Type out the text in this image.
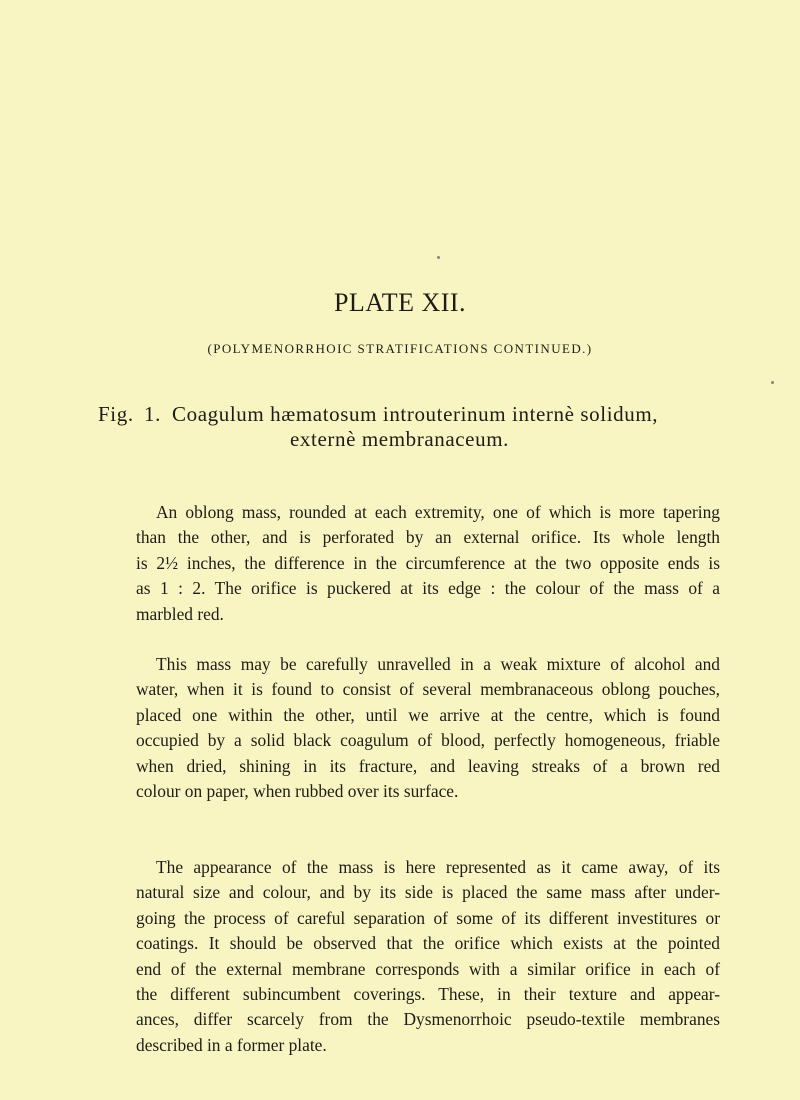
PLATE XII.

(POLYMENORRHOIC STRATIFICATIONS CONTINUED.)

Fig. 1. Coagulum hæmatosum introuterinum internè solidum,
externè membranaceum.
An oblong mass, rounded at each extremity, one of which is more tapering
than the other, and is perforated by an external orifice. Its whole length
is 2½ inches, the difference in the circumference at the two opposite ends is
as 1 : 2. The orifice is puckered at its edge : the colour of the mass of a
marbled red.
This mass may be carefully unravelled in a weak mixture of alcohol and
water, when it is found to consist of several membranaceous oblong pouches,
placed one within the other, until we arrive at the centre, which is found
occupied by a solid black coagulum of blood, perfectly homogeneous, friable
when dried, shining in its fracture, and leaving streaks of a brown red
colour on paper, when rubbed over its surface.
The appearance of the mass is here represented as it came away, of its
natural size and colour, and by its side is placed the same mass after under-
going the process of careful separation of some of its different investitures or
coatings. It should be observed that the orifice which exists at the pointed
end of the external membrane corresponds with a similar orifice in each of
the different subincumbent coverings. These, in their texture and appear-
ances, differ scarcely from the Dysmenorrhoic pseudo-textile membranes
described in a former plate.
